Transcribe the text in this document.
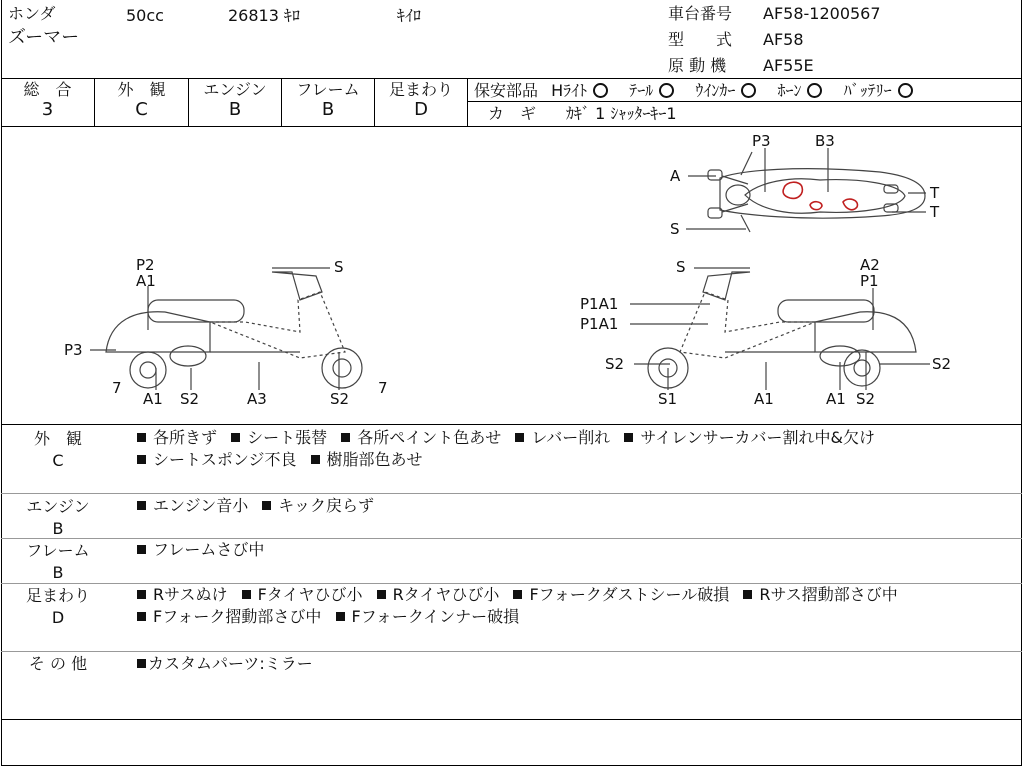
ホンダ	50cc	26813 ｷﾛ	ｷｲﾛ
ズーマー
車台番号 AF58-1200567
型　　式 AF58
原 動 機 AF55E
総　合
3
外　観
C
エンジン
B
フレーム
B
足まわり
D
保安部品 Hﾗｲﾄ	ﾃｰﾙ	ｳｲﾝｶｰ	ﾎｰﾝ	ﾊﾞｯﾃﾘｰ
カ　ギ ｶｷﾞ 1 ｼｬｯﾀｰｷｰ1
A
S
P3	B3
T
T
P2
A1
P3
7
A1 S2	A3	S2
7
S	S
P1A1
P1A1
S2
S1	A1	A1 S2
S2
A2
P1
外　観
C
各所きず シート張替 各所ペイント色あせ レバー削れ サイレンサーカバー割れ中&欠け
シートスポンジ不良 樹脂部色あせ
エンジン
B
エンジン音小 キック戻らず
フレーム
B
フレームさび中
足まわり
D
Rサスぬけ Fタイヤひび小 Rタイヤひび小 Fフォークダストシール破損 Rサス摺動部さび中
Fフォーク摺動部さび中 Fフォークインナー破損
そ の 他	カスタムパーツ:ミラー
